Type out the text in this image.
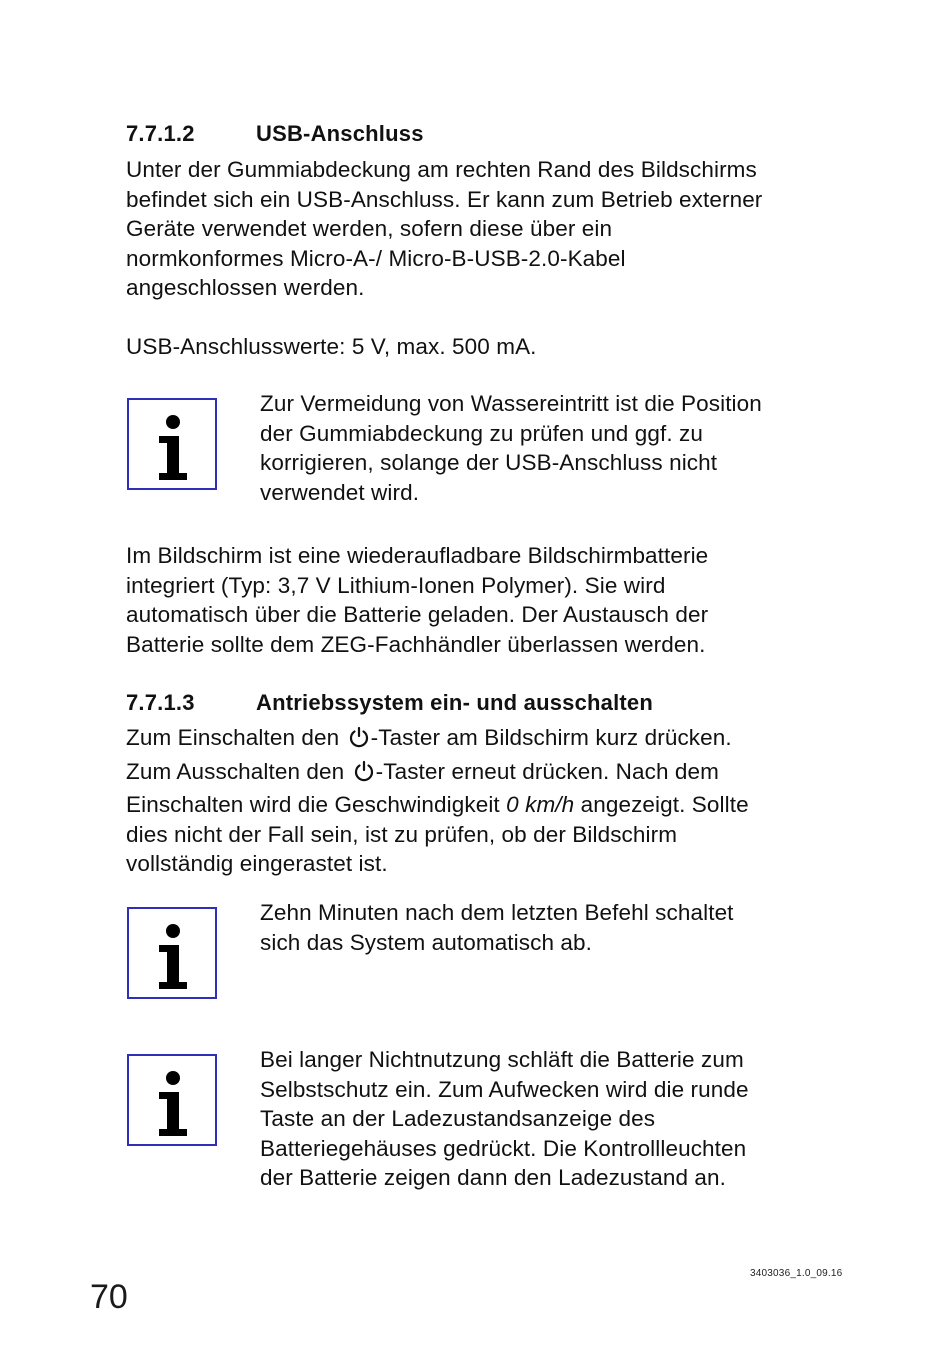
7.7.1.2	USB-Anschluss
Unter der Gummiabdeckung am rechten Rand des Bildschirms
befindet sich ein USB-Anschluss. Er kann zum Betrieb externer
Geräte verwendet werden, sofern diese über ein
normkonformes Micro-A-/ Micro-B-USB-2.0-Kabel
angeschlossen werden.
USB-Anschlusswerte: 5 V, max. 500 mA.
Zur Vermeidung von Wassereintritt ist die Position
der Gummiabdeckung zu prüfen und ggf. zu
korrigieren, solange der USB-Anschluss nicht
verwendet wird.
Im Bildschirm ist eine wiederaufladbare Bildschirmbatterie
integriert (Typ: 3,7 V Lithium-Ionen Polymer). Sie wird
automatisch über die Batterie geladen. Der Austausch der
Batterie sollte dem ZEG-Fachhändler überlassen werden.
7.7.1.3	Antriebssystem ein- und ausschalten
Zum Einschalten den -Taster am Bildschirm kurz drücken.
Zum Ausschalten den -Taster erneut drücken. Nach dem
Einschalten wird die Geschwindigkeit 0 km/h angezeigt. Sollte
dies nicht der Fall sein, ist zu prüfen, ob der Bildschirm
vollständig eingerastet ist.
Zehn Minuten nach dem letzten Befehl schaltet
sich das System automatisch ab.
Bei langer Nichtnutzung schläft die Batterie zum
Selbstschutz ein. Zum Aufwecken wird die runde
Taste an der Ladezustandsanzeige des
Batteriegehäuses gedrückt. Die Kontrollleuchten
der Batterie zeigen dann den Ladezustand an.
70
3403036_1.0_09.16
